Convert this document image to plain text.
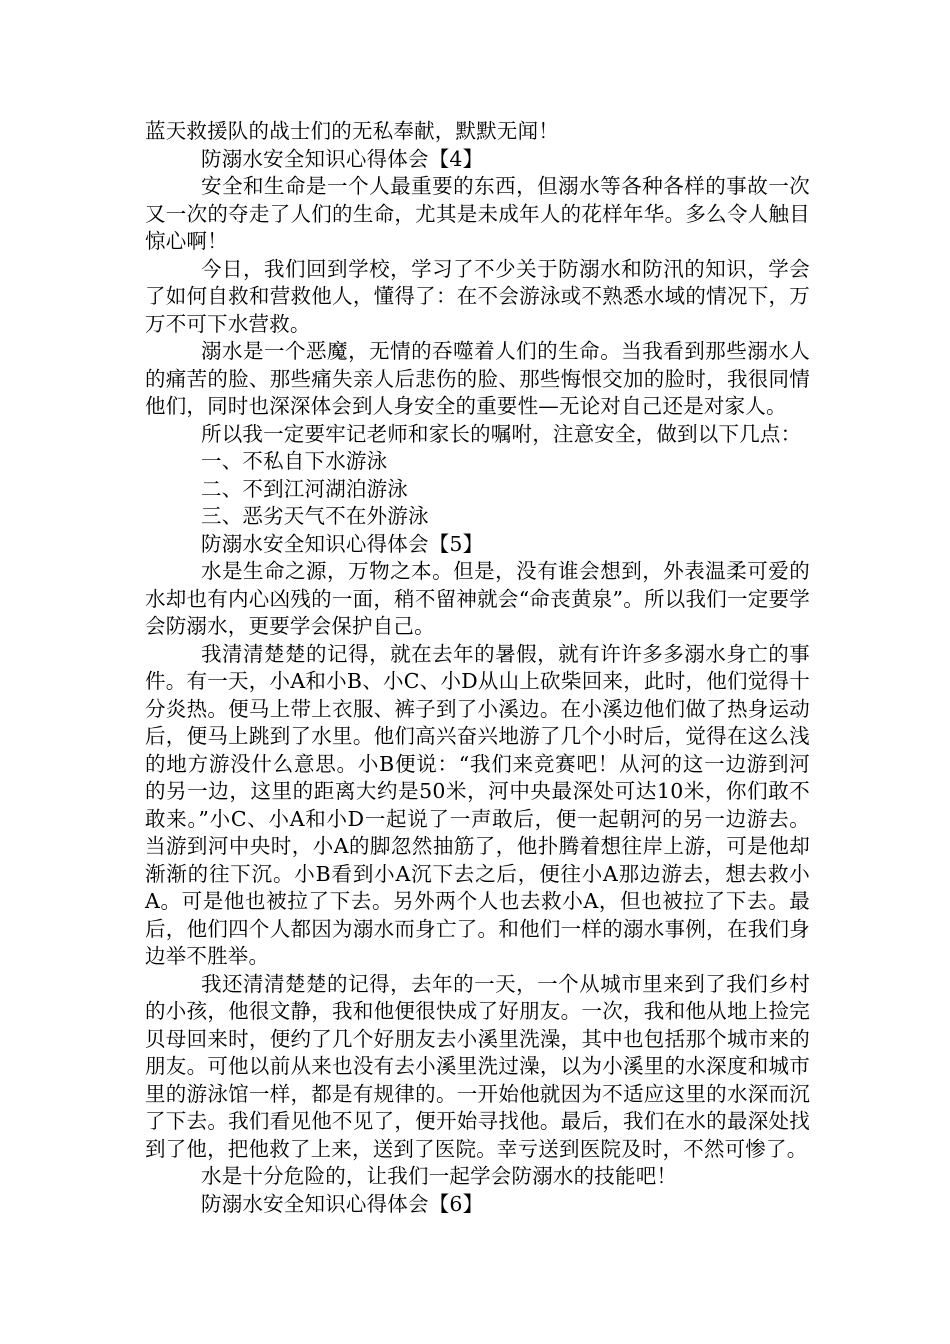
蓝天救援队的战士们的无私奉献，默默无闻！

防溺水安全知识心得体会【4】

安全和生命是一个人最重要的东西，但溺水等各种各样的事故一次又一次的夺走了人们的生命，尤其是未成年人的花样年华。多么令人触目惊心啊！

今日，我们回到学校，学习了不少关于防溺水和防汛的知识，学会了如何自救和营救他人，懂得了：在不会游泳或不熟悉水域的情况下，万万不可下水营救。

溺水是一个恶魔，无情的吞噬着人们的生命。当我看到那些溺水人的痛苦的脸、那些痛失亲人后悲伤的脸、那些悔恨交加的脸时，我很同情他们，同时也深深体会到人身安全的重要性—无论对自己还是对家人。

所以我一定要牢记老师和家长的嘱咐，注意安全，做到以下几点：

一、不私自下水游泳

二、不到江河湖泊游泳

三、恶劣天气不在外游泳

防溺水安全知识心得体会【5】

水是生命之源，万物之本。但是，没有谁会想到，外表温柔可爱的水却也有内心凶残的一面，稍不留神就会“命丧黄泉”。所以我们一定要学会防溺水，更要学会保护自己。

我清清楚楚的记得，就在去年的暑假，就有许许多多溺水身亡的事件。有一天，小A和小B、小C、小D从山上砍柴回来，此时，他们觉得十分炎热。便马上带上衣服、裤子到了小溪边。在小溪边他们做了热身运动后，便马上跳到了水里。他们高兴奋兴地游了几个小时后，觉得在这么浅的地方游没什么意思。小B便说：“我们来竞赛吧！从河的这一边游到河的另一边，这里的距离大约是50米，河中央最深处可达10米，你们敢不敢来。”小C、小A和小D一起说了一声敢后，便一起朝河的另一边游去。当游到河中央时，小A的脚忽然抽筋了，他扑腾着想往岸上游，可是他却渐渐的往下沉。小B看到小A沉下去之后，便往小A那边游去，想去救小A。可是他也被拉了下去。另外两个人也去救小A，但也被拉了下去。最后，他们四个人都因为溺水而身亡了。和他们一样的溺水事例，在我们身边举不胜举。

我还清清楚楚的记得，去年的一天，一个从城市里来到了我们乡村的小孩，他很文静，我和他便很快成了好朋友。一次，我和他从地上捡完贝母回来时，便约了几个好朋友去小溪里洗澡，其中也包括那个城市来的朋友。可他以前从来也没有去小溪里洗过澡，以为小溪里的水深度和城市里的游泳馆一样，都是有规律的。一开始他就因为不适应这里的水深而沉了下去。我们看见他不见了，便开始寻找他。最后，我们在水的最深处找到了他，把他救了上来，送到了医院。幸亏送到医院及时，不然可惨了。

水是十分危险的，让我们一起学会防溺水的技能吧！

防溺水安全知识心得体会【6】
